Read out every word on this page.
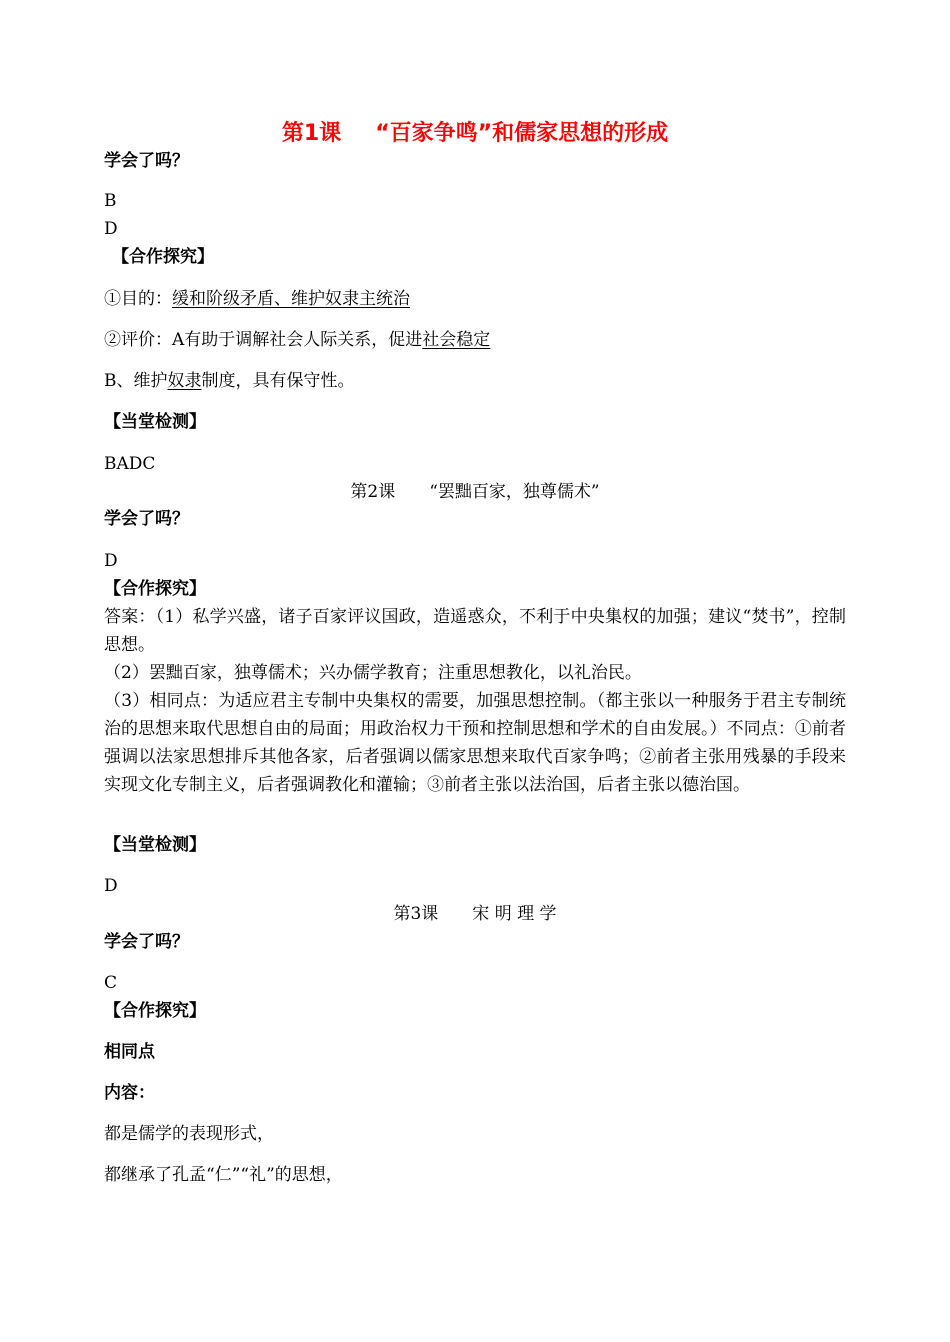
第1课 “百家争鸣”和儒家思想的形成
学会了吗？
B
D
【合作探究】
①目的：缓和阶级矛盾、维护奴隶主统治
②评价：A有助于调解社会人际关系，促进社会稳定
B、维护奴隶制度，具有保守性。
【当堂检测】
BADC
第2课 “罢黜百家，独尊儒术”
学会了吗？
D
【合作探究】
答案：（1）私学兴盛，诸子百家评议国政，造遥惑众，不利于中央集权的加强；建议“焚书”，控制思想。
（2）罢黜百家，独尊儒术；兴办儒学教育；注重思想教化，以礼治民。
（3）相同点：为适应君主专制中央集权的需要，加强思想控制。（都主张以一种服务于君主专制统治的思想来取代思想自由的局面；用政治权力干预和控制思想和学术的自由发展。）不同点：①前者强调以法家思想排斥其他各家，后者强调以儒家思想来取代百家争鸣；②前者主张用残暴的手段来实现文化专制主义，后者强调教化和灌输；③前者主张以法治国，后者主张以德治国。
【当堂检测】
D
第3课 宋 明 理 学
学会了吗？
C
【合作探究】
相同点
内容：
都是儒学的表现形式，
都继承了孔孟“仁”“礼”的思想，
